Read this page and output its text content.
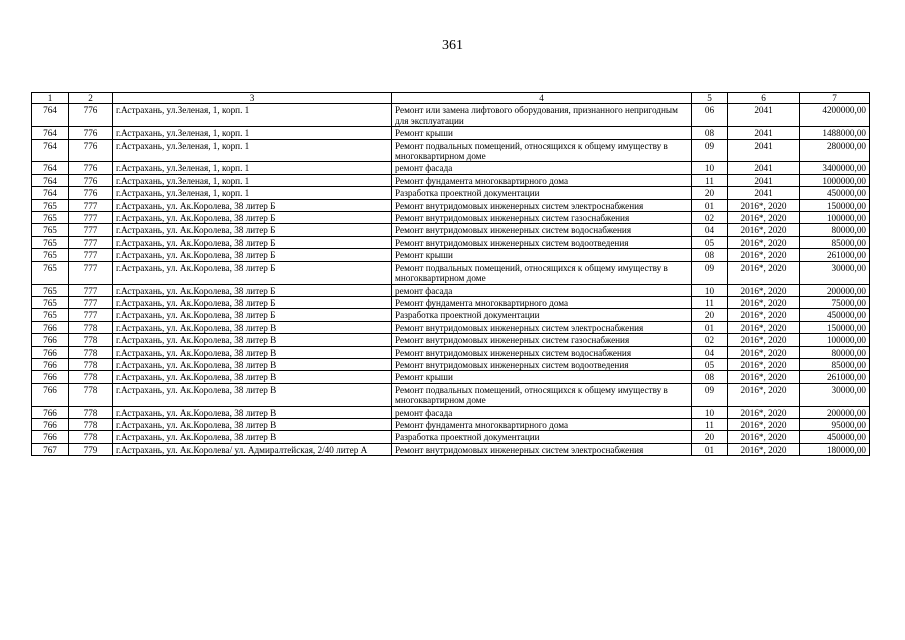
361
1	2	3	4	5	6	7
764	776	г.Астрахань, ул.Зеленая, 1, корп. 1	Ремонт или замена лифтового оборудования, признанного непригодным для эксплуатации	06	2041	4200000,00
764	776	г.Астрахань, ул.Зеленая, 1, корп. 1	Ремонт крыши	08	2041	1488000,00
764	776	г.Астрахань, ул.Зеленая, 1, корп. 1	Ремонт подвальных помещений, относящихся к общему имуществу в многоквартирном доме	09	2041	280000,00
764	776	г.Астрахань, ул.Зеленая, 1, корп. 1	ремонт фасада	10	2041	3400000,00
764	776	г.Астрахань, ул.Зеленая, 1, корп. 1	Ремонт фундамента многоквартирного дома	11	2041	1000000,00
764	776	г.Астрахань, ул.Зеленая, 1, корп. 1	Разработка проектной документации	20	2041	450000,00
765	777	г.Астрахань, ул. Ак.Королева, 38 литер Б	Ремонт внутридомовых инженерных систем электроснабжения	01	2016*, 2020	150000,00
765	777	г.Астрахань, ул. Ак.Королева, 38 литер Б	Ремонт внутридомовых инженерных систем газоснабжения	02	2016*, 2020	100000,00
765	777	г.Астрахань, ул. Ак.Королева, 38 литер Б	Ремонт внутридомовых инженерных систем водоснабжения	04	2016*, 2020	80000,00
765	777	г.Астрахань, ул. Ак.Королева, 38 литер Б	Ремонт внутридомовых инженерных систем водоотведения	05	2016*, 2020	85000,00
765	777	г.Астрахань, ул. Ак.Королева, 38 литер Б	Ремонт крыши	08	2016*, 2020	261000,00
765	777	г.Астрахань, ул. Ак.Королева, 38 литер Б	Ремонт подвальных помещений, относящихся к общему имуществу в многоквартирном доме	09	2016*, 2020	30000,00
765	777	г.Астрахань, ул. Ак.Королева, 38 литер Б	ремонт фасада	10	2016*, 2020	200000,00
765	777	г.Астрахань, ул. Ак.Королева, 38 литер Б	Ремонт фундамента многоквартирного дома	11	2016*, 2020	75000,00
765	777	г.Астрахань, ул. Ак.Королева, 38 литер Б	Разработка проектной документации	20	2016*, 2020	450000,00
766	778	г.Астрахань, ул. Ак.Королева, 38 литер В	Ремонт внутридомовых инженерных систем электроснабжения	01	2016*, 2020	150000,00
766	778	г.Астрахань, ул. Ак.Королева, 38 литер В	Ремонт внутридомовых инженерных систем газоснабжения	02	2016*, 2020	100000,00
766	778	г.Астрахань, ул. Ак.Королева, 38 литер В	Ремонт внутридомовых инженерных систем водоснабжения	04	2016*, 2020	80000,00
766	778	г.Астрахань, ул. Ак.Королева, 38 литер В	Ремонт внутридомовых инженерных систем водоотведения	05	2016*, 2020	85000,00
766	778	г.Астрахань, ул. Ак.Королева, 38 литер В	Ремонт крыши	08	2016*, 2020	261000,00
766	778	г.Астрахань, ул. Ак.Королева, 38 литер В	Ремонт подвальных помещений, относящихся к общему имуществу в многоквартирном доме	09	2016*, 2020	30000,00
766	778	г.Астрахань, ул. Ак.Королева, 38 литер В	ремонт фасада	10	2016*, 2020	200000,00
766	778	г.Астрахань, ул. Ак.Королева, 38 литер В	Ремонт фундамента многоквартирного дома	11	2016*, 2020	95000,00
766	778	г.Астрахань, ул. Ак.Королева, 38 литер В	Разработка проектной документации	20	2016*, 2020	450000,00
767	779	г.Астрахань, ул. Ак.Королева/ ул. Адмиралтейская, 2/40 литер А	Ремонт внутридомовых инженерных систем электроснабжения	01	2016*, 2020	180000,00
